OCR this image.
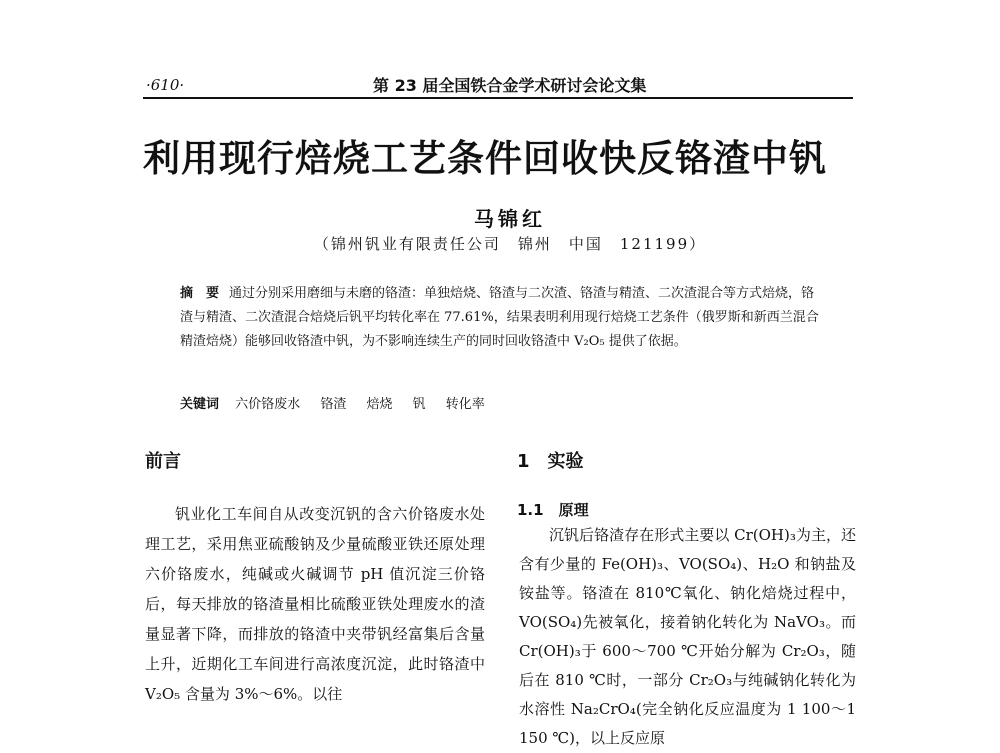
·610·	第 23 届全国铁合金学术研讨会论文集
利用现行焙烧工艺条件回收快反铬渣中钒
马锦红
（锦州钒业有限责任公司　锦州　中国　121199）
摘　要 通过分别采用磨细与未磨的铬渣：单独焙烧、铬渣与二次渣、铬渣与精渣、二次渣混合等方式焙烧，铬渣与精渣、二次渣混合焙烧后钒平均转化率在 77.61%，结果表明利用现行焙烧工艺条件（俄罗斯和新西兰混合精渣焙烧）能够回收铬渣中钒，为不影响连续生产的同时回收铬渣中 V₂O₅ 提供了依据。
关键词 六价铬废水 铬渣 焙烧 钒 转化率
前言
钒业化工车间自从改变沉钒的含六价铬废水处理工艺，采用焦亚硫酸钠及少量硫酸亚铁还原处理六价铬废水，纯碱或火碱调节 pH 值沉淀三价铬后，每天排放的铬渣量相比硫酸亚铁处理废水的渣量显著下降，而排放的铬渣中夹带钒经富集后含量上升，近期化工车间进行高浓度沉淀，此时铬渣中 V₂O₅ 含量为 3%～6%。以往
1　实验
1.1　原理
沉钒后铬渣存在形式主要以 Cr(OH)₃为主，还含有少量的 Fe(OH)₃、VO(SO₄)、H₂O 和钠盐及铵盐等。铬渣在 810℃氧化、钠化焙烧过程中，VO(SO₄)先被氧化，接着钠化转化为 NaVO₃。而 Cr(OH)₃于 600～700 ℃开始分解为 Cr₂O₃，随后在 810 ℃时，一部分 Cr₂O₃与纯碱钠化转化为水溶性 Na₂CrO₄(完全钠化反应温度为 1 100～1 150 ℃)，以上反应原
